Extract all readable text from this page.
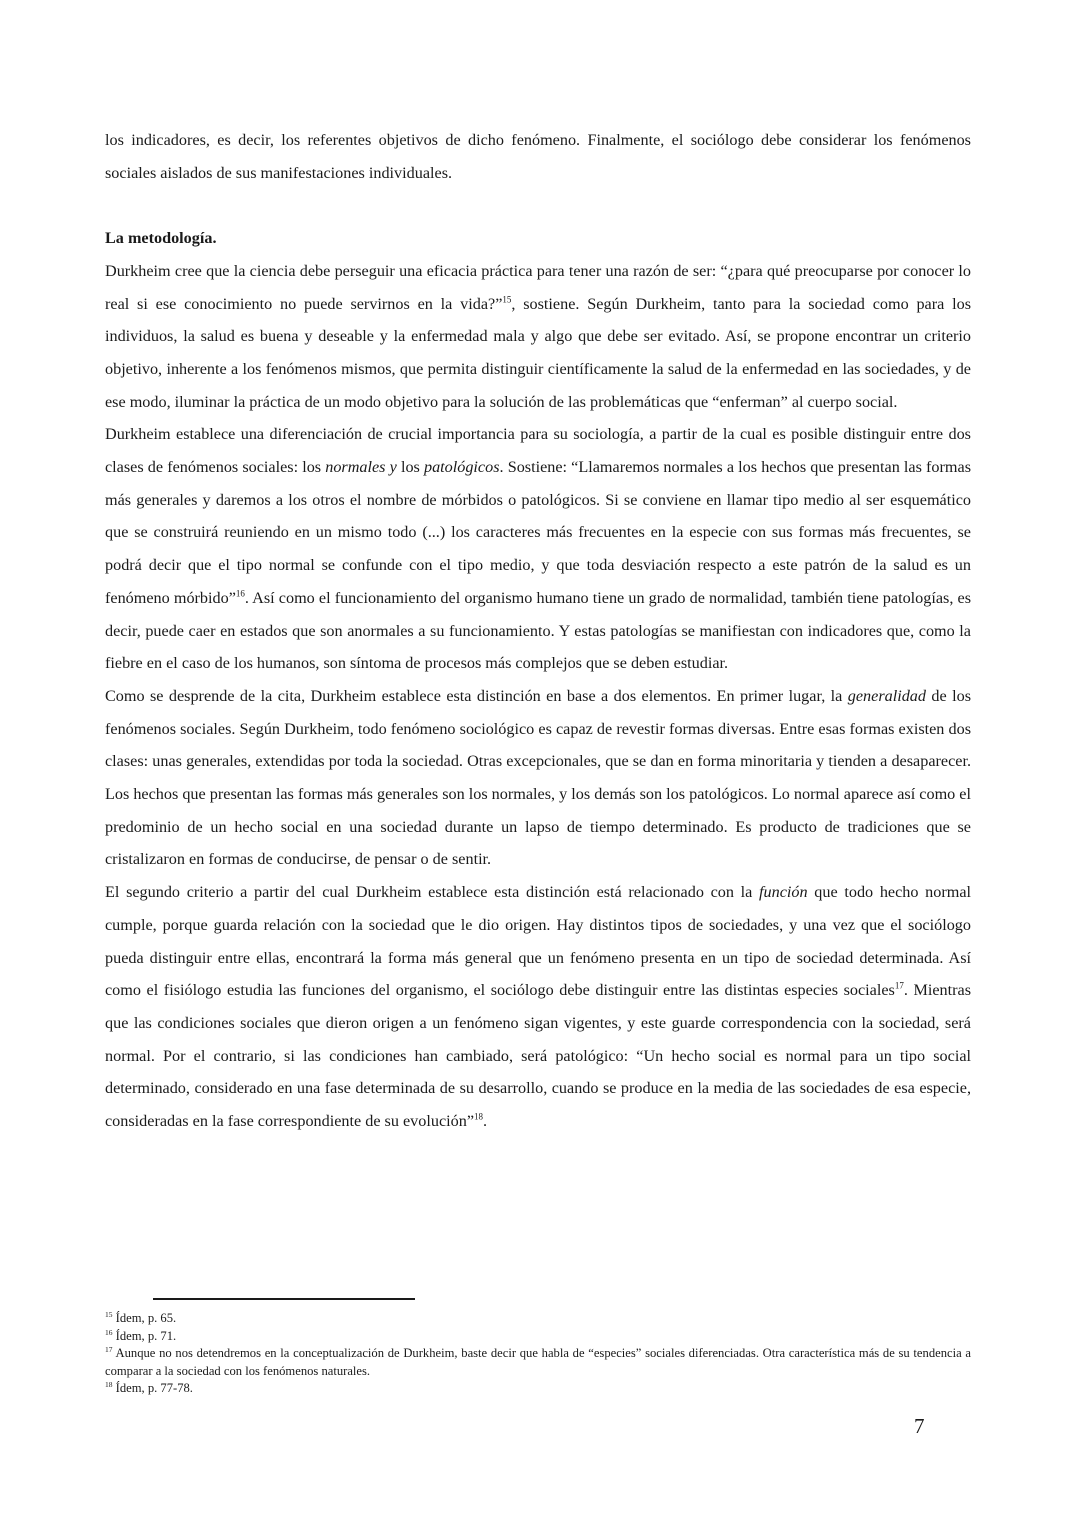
los indicadores, es decir, los referentes objetivos de dicho fenómeno. Finalmente, el sociólogo debe considerar los fenómenos sociales aislados de sus manifestaciones individuales.

La metodología.

Durkheim cree que la ciencia debe perseguir una eficacia práctica para tener una razón de ser: “¿para qué preocuparse por conocer lo real si ese conocimiento no puede servirnos en la vida?”$^{15}$, sostiene. Según Durkheim, tanto para la sociedad como para los individuos, la salud es buena y deseable y la enfermedad mala y algo que debe ser evitado. Así, se propone encontrar un criterio objetivo, inherente a los fenómenos mismos, que permita distinguir científicamente la salud de la enfermedad en las sociedades, y de ese modo, iluminar la práctica de un modo objetivo para la solución de las problemáticas que “enferman” al cuerpo social.

Durkheim establece una diferenciación de crucial importancia para su sociología, a partir de la cual es posible distinguir entre dos clases de fenómenos sociales: los normales y los patológicos. Sostiene: “Llamaremos normales a los hechos que presentan las formas más generales y daremos a los otros el nombre de mórbidos o patológicos. Si se conviene en llamar tipo medio al ser esquemático que se construirá reuniendo en un mismo todo (...) los caracteres más frecuentes en la especie con sus formas más frecuentes, se podrá decir que el tipo normal se confunde con el tipo medio, y que toda desviación respecto a este patrón de la salud es un fenómeno mórbido”$^{16}$. Así como el funcionamiento del organismo humano tiene un grado de normalidad, también tiene patologías, es decir, puede caer en estados que son anormales a su funcionamiento. Y estas patologías se manifiestan con indicadores que, como la fiebre en el caso de los humanos, son síntoma de procesos más complejos que se deben estudiar.

Como se desprende de la cita, Durkheim establece esta distinción en base a dos elementos. En primer lugar, la generalidad de los fenómenos sociales. Según Durkheim, todo fenómeno sociológico es capaz de revestir formas diversas. Entre esas formas existen dos clases: unas generales, extendidas por toda la sociedad. Otras excepcionales, que se dan en forma minoritaria y tienden a desaparecer. Los hechos que presentan las formas más generales son los normales, y los demás son los patológicos. Lo normal aparece así como el predominio de un hecho social en una sociedad durante un lapso de tiempo determinado. Es producto de tradiciones que se cristalizaron en formas de conducirse, de pensar o de sentir.

El segundo criterio a partir del cual Durkheim establece esta distinción está relacionado con la función que todo hecho normal cumple, porque guarda relación con la sociedad que le dio origen. Hay distintos tipos de sociedades, y una vez que el sociólogo pueda distinguir entre ellas, encontrará la forma más general que un fenómeno presenta en un tipo de sociedad determinada. Así como el fisiólogo estudia las funciones del organismo, el sociólogo debe distinguir entre las distintas especies sociales$^{17}$. Mientras que las condiciones sociales que dieron origen a un fenómeno sigan vigentes, y este guarde correspondencia con la sociedad, será normal. Por el contrario, si las condiciones han cambiado, será patológico: “Un hecho social es normal para un tipo social determinado, considerado en una fase determinada de su desarrollo, cuando se produce en la media de las sociedades de esa especie, consideradas en la fase correspondiente de su evolución”$^{18}$.

$^{15}$ Ídem, p. 65.

$^{16}$ Ídem, p. 71.

$^{17}$ Aunque no nos detendremos en la conceptualización de Durkheim, baste decir que habla de “especies” sociales diferenciadas. Otra característica más de su tendencia a comparar a la sociedad con los fenómenos naturales.

$^{18}$ Ídem, p. 77-78.

7
